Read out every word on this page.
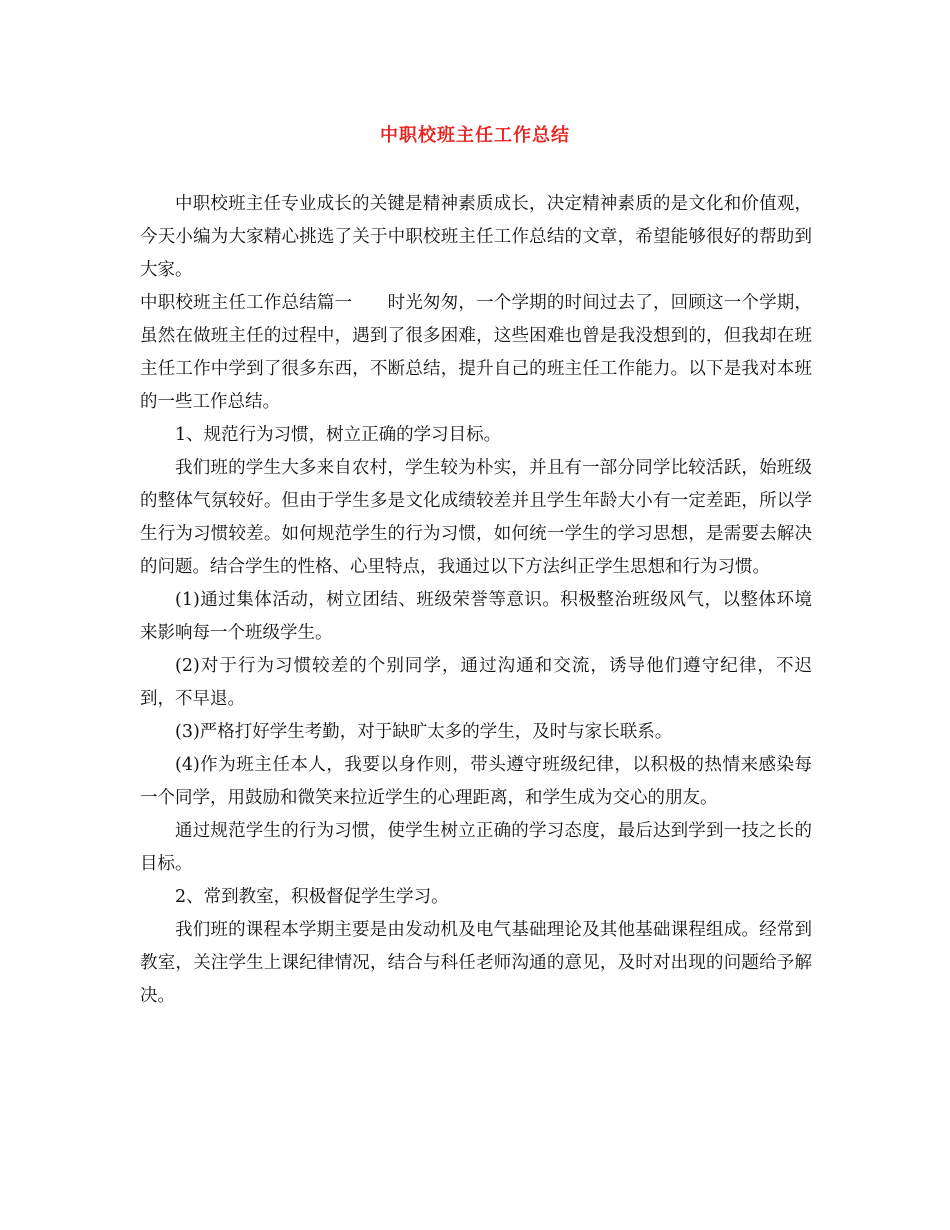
中职校班主任工作总结

中职校班主任专业成长的关键是精神素质成长，决定精神素质的是文化和价值观，今天小编为大家精心挑选了关于中职校班主任工作总结的文章，希望能够很好的帮助到大家。

中职校班主任工作总结篇一　　时光匆匆，一个学期的时间过去了，回顾这一个学期，虽然在做班主任的过程中，遇到了很多困难，这些困难也曾是我没想到的，但我却在班主任工作中学到了很多东西，不断总结，提升自己的班主任工作能力。以下是我对本班的一些工作总结。

1、规范行为习惯，树立正确的学习目标。

我们班的学生大多来自农村，学生较为朴实，并且有一部分同学比较活跃，始班级的整体气氛较好。但由于学生多是文化成绩较差并且学生年龄大小有一定差距，所以学生行为习惯较差。如何规范学生的行为习惯，如何统一学生的学习思想，是需要去解决的问题。结合学生的性格、心里特点，我通过以下方法纠正学生思想和行为习惯。

(1)通过集体活动，树立团结、班级荣誉等意识。积极整治班级风气，以整体环境来影响每一个班级学生。

(2)对于行为习惯较差的个别同学，通过沟通和交流，诱导他们遵守纪律，不迟到，不早退。

(3)严格打好学生考勤，对于缺旷太多的学生，及时与家长联系。

(4)作为班主任本人，我要以身作则，带头遵守班级纪律，以积极的热情来感染每一个同学，用鼓励和微笑来拉近学生的心理距离，和学生成为交心的朋友。

通过规范学生的行为习惯，使学生树立正确的学习态度，最后达到学到一技之长的目标。

2、常到教室，积极督促学生学习。

我们班的课程本学期主要是由发动机及电气基础理论及其他基础课程组成。经常到教室，关注学生上课纪律情况，结合与科任老师沟通的意见，及时对出现的问题给予解决。
